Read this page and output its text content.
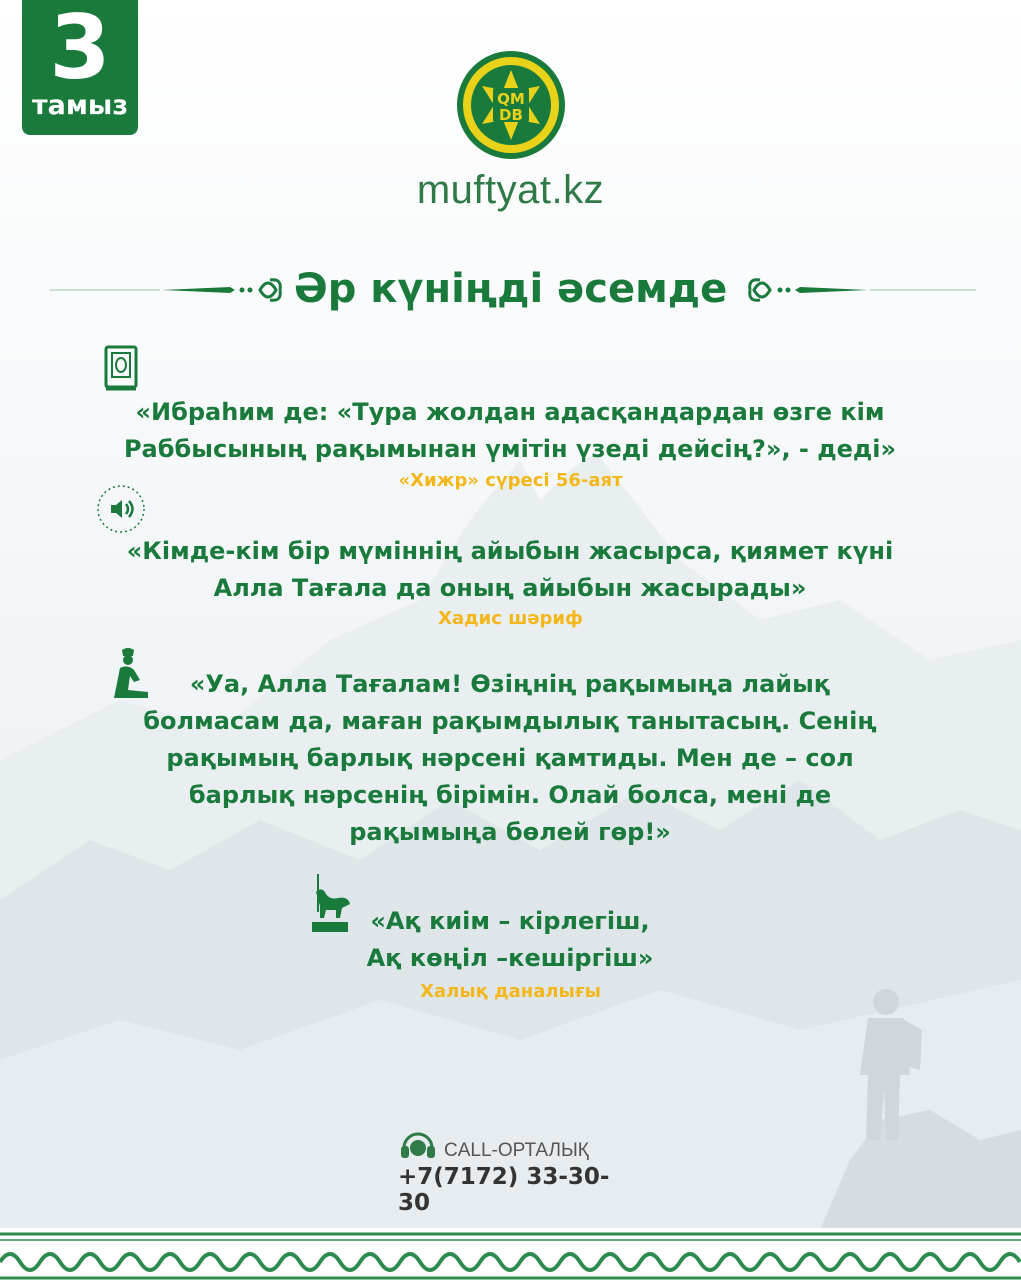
3
тамыз	QM
DB
muftyat.kz
Әр күніңді әсемде
«Ибраһим де: «Тура жолдан адасқандардан өзге кім
Раббысының рақымынан үмітін үзеді дейсің?», - деді»
«Хижр» сүресі 56-аят
«Кімде-кім бір мүміннің айыбын жасырса, қиямет күні
Алла Тағала да оның айыбын жасырады»
Хадис шәриф
«Уа, Алла Тағалам! Өзіңнің рақымыңа лайық
болмасам да, маған рақымдылық танытасың. Сенің
рақымың барлық нәрсені қамтиды. Мен де – сол
барлық нәрсенің бірімін. Олай болса, мені де
рақымыңа бөлей гөр!»
«Ақ киім – кірлегіш,
Ақ көңіл –кешіргіш»
Халық даналығы
CALL-ОРТАЛЫҚ
+7(7172) 33-30-30
